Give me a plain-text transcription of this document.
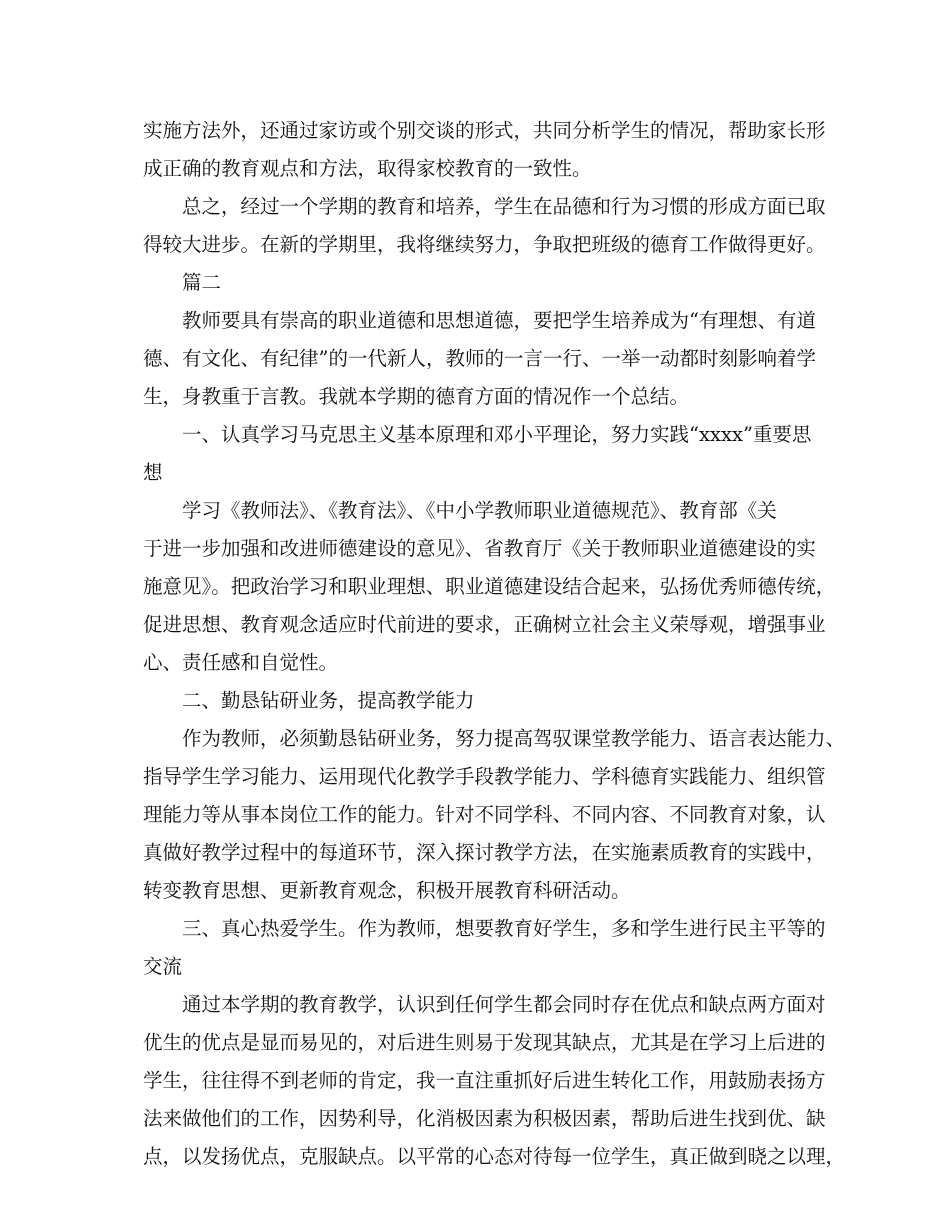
实施方法外，还通过家访或个别交谈的形式，共同分析学生的情况，帮助家长形

成正确的教育观点和方法，取得家校教育的一致性。

总之，经过一个学期的教育和培养，学生在品德和行为习惯的形成方面已取

得较大进步。在新的学期里，我将继续努力，争取把班级的德育工作做得更好。

篇二

教师要具有崇高的职业道德和思想道德，要把学生培养成为“有理想、有道

德、有文化、有纪律”的一代新人，教师的一言一行、一举一动都时刻影响着学

生，身教重于言教。我就本学期的德育方面的情况作一个总结。

一、认真学习马克思主义基本原理和邓小平理论，努力实践“xxxx”重要思

想

学习《教师法》、《教育法》、《中小学教师职业道德规范》、教育部《关

于进一步加强和改进师德建设的意见》、省教育厅《关于教师职业道德建设的实

施意见》。把政治学习和职业理想、职业道德建设结合起来，弘扬优秀师德传统，

促进思想、教育观念适应时代前进的要求，正确树立社会主义荣辱观，增强事业

心、责任感和自觉性。

二、勤恳钻研业务，提高教学能力

作为教师，必须勤恳钻研业务，努力提高驾驭课堂教学能力、语言表达能力、

指导学生学习能力、运用现代化教学手段教学能力、学科德育实践能力、组织管

理能力等从事本岗位工作的能力。针对不同学科、不同内容、不同教育对象，认

真做好教学过程中的每道环节，深入探讨教学方法，在实施素质教育的实践中，

转变教育思想、更新教育观念，积极开展教育科研活动。

三、真心热爱学生。作为教师，想要教育好学生，多和学生进行民主平等的

交流

通过本学期的教育教学，认识到任何学生都会同时存在优点和缺点两方面对

优生的优点是显而易见的，对后进生则易于发现其缺点，尤其是在学习上后进的

学生，往往得不到老师的肯定，我一直注重抓好后进生转化工作，用鼓励表扬方

法来做他们的工作，因势利导，化消极因素为积极因素，帮助后进生找到优、缺

点，以发扬优点，克服缺点。以平常的心态对待每一位学生，真正做到晓之以理，
